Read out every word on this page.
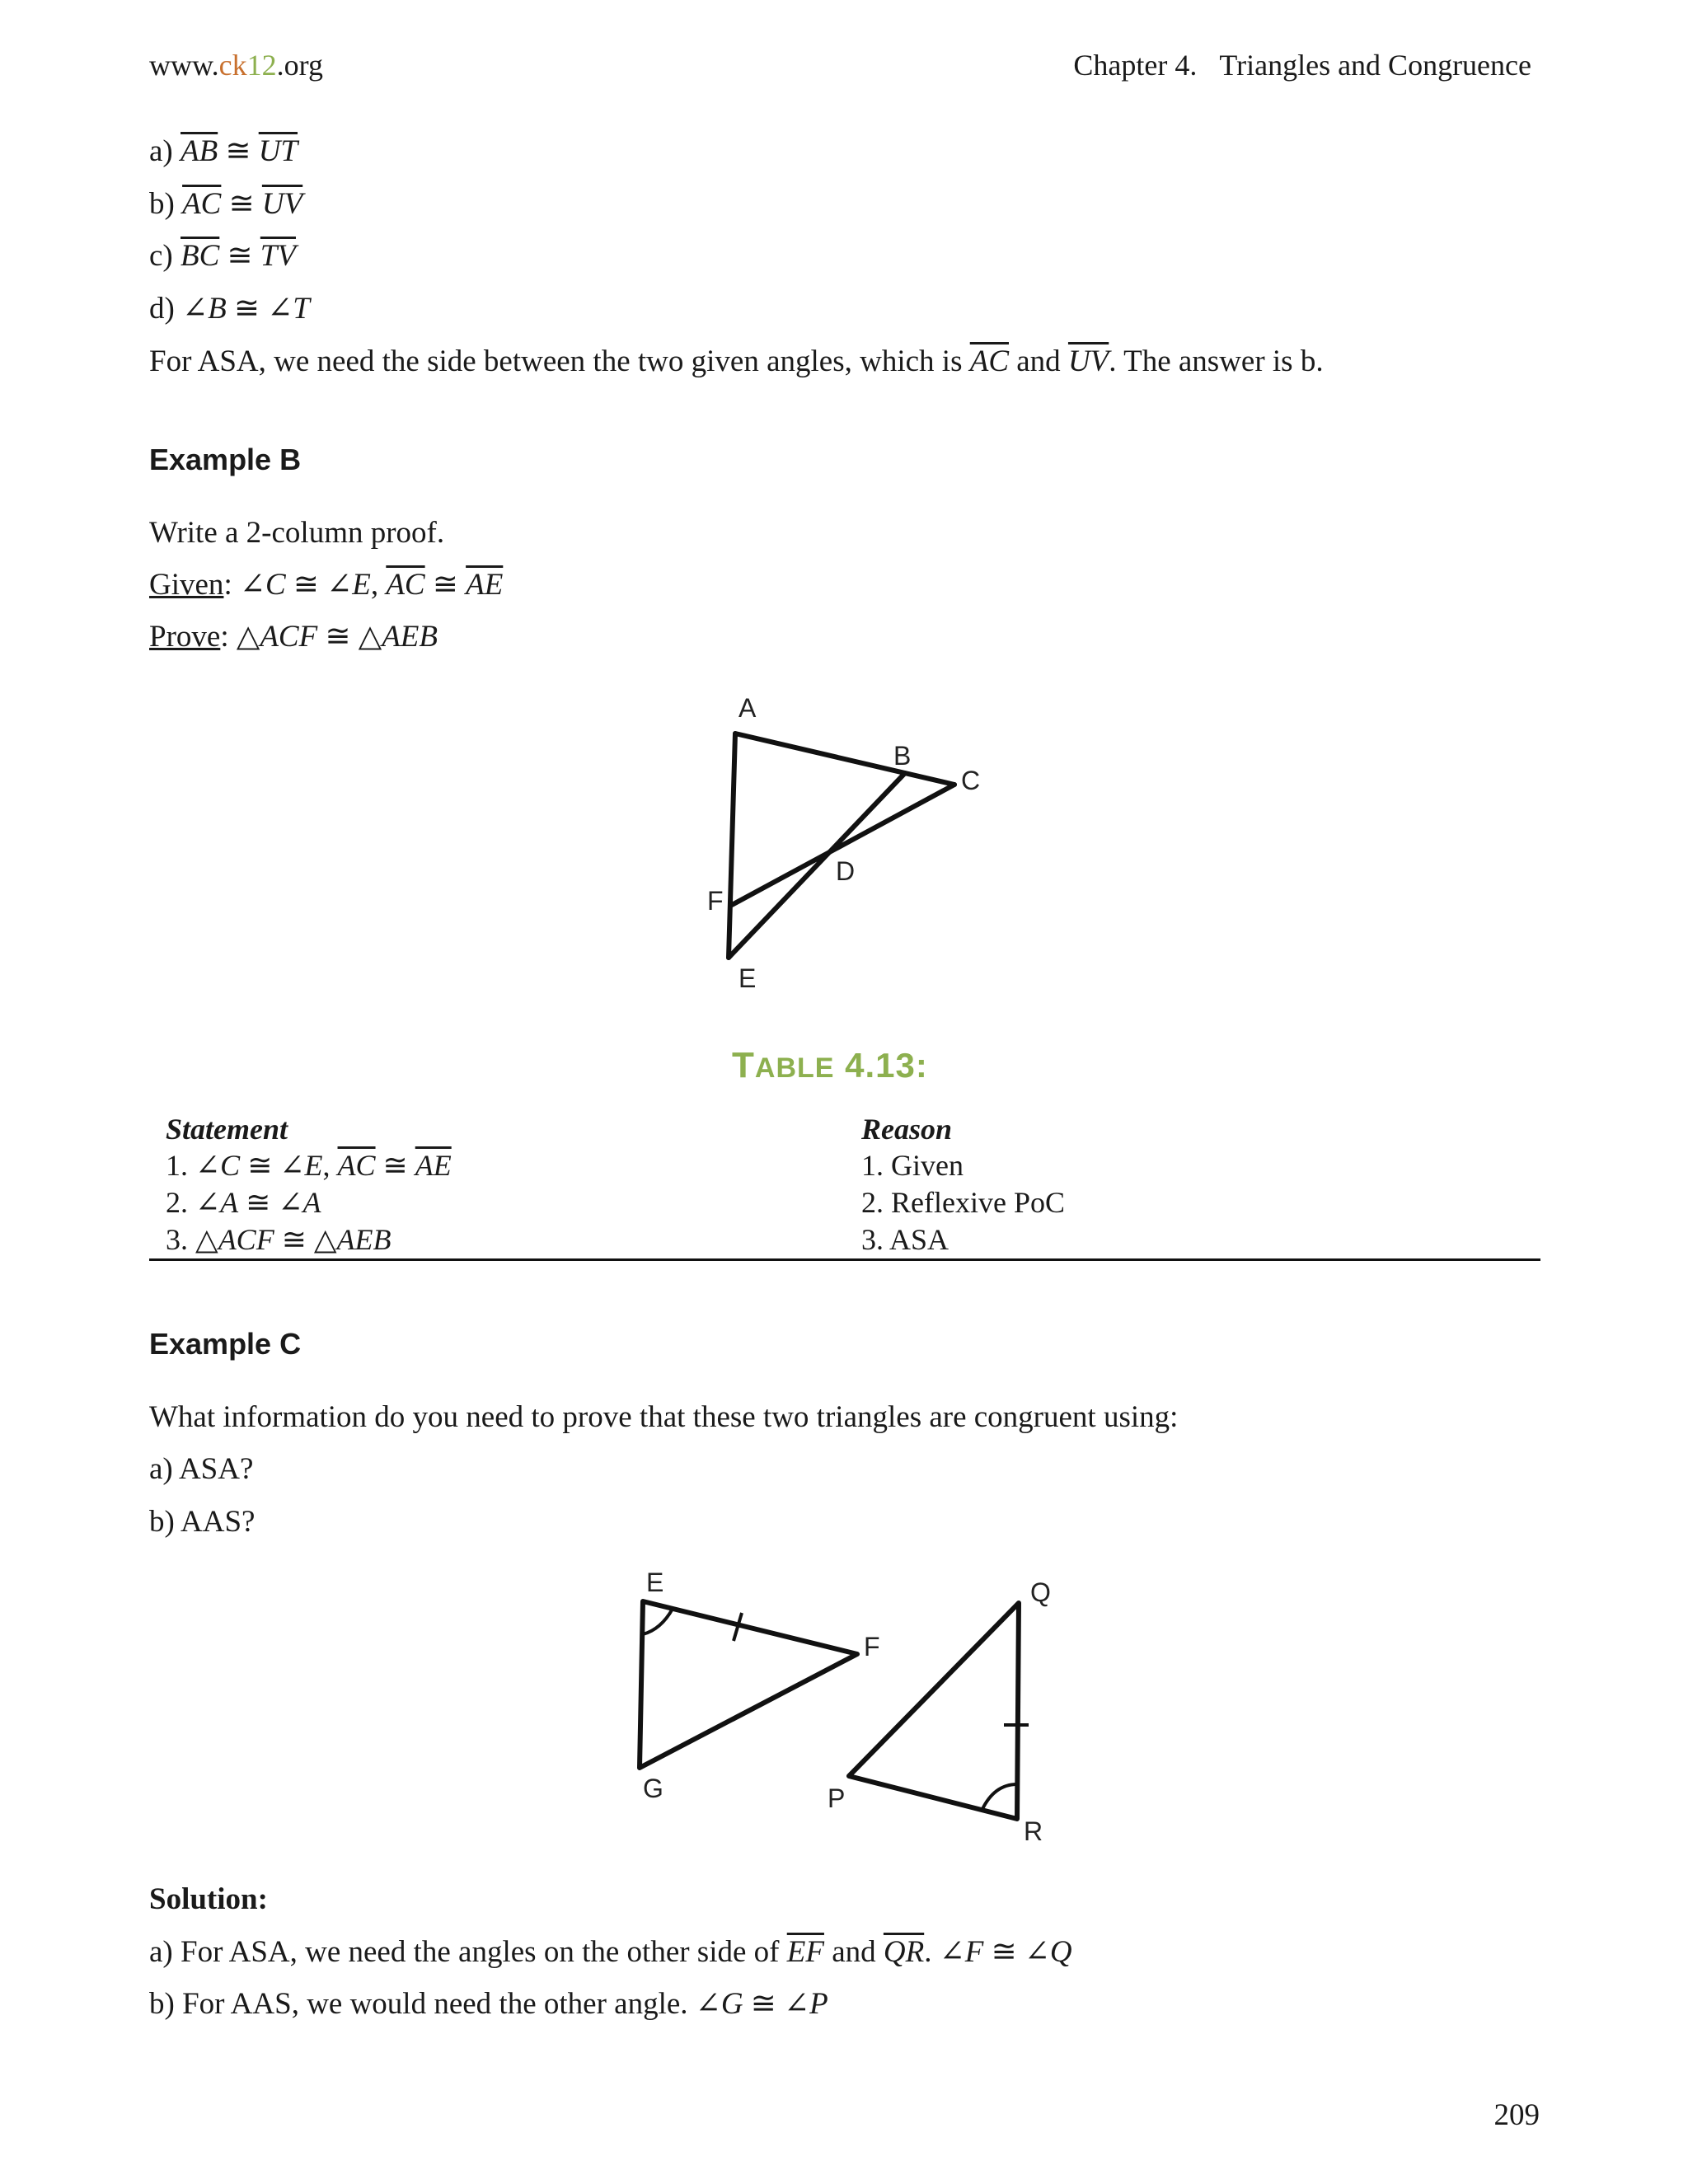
www.ck12.org	Chapter 4. Triangles and Congruence
a) $\overline{AB}$ ≅ $\overline{UT}$
b) $\overline{AC}$ ≅ $\overline{UV}$
c) $\overline{BC}$ ≅ $\overline{TV}$
d) ∠B ≅ ∠T
For ASA, we need the side between the two given angles, which is $\overline{AC}$ and $\overline{UV}$. The answer is b.
Example B
Write a 2-column proof.
Given: ∠C ≅ ∠E, $\overline{AC}$ ≅ $\overline{AE}$
Prove: △ACF ≅ △AEB
A
B
C
D
F
E
TABLE 4.13:
Statement	Reason
1. ∠C ≅ ∠E, $\overline{AC}$ ≅ $\overline{AE}$	1. Given
2. ∠A ≅ ∠A	2. Reflexive PoC
3. △ACF ≅ △AEB	3. ASA
Example C
What information do you need to prove that these two triangles are congruent using:
a) ASA?
b) AAS?
E
F
G
Q
P
R
Solution:
a) For ASA, we need the angles on the other side of $\overline{EF}$ and $\overline{QR}$. ∠F ≅ ∠Q
b) For AAS, we would need the other angle. ∠G ≅ ∠P
209
